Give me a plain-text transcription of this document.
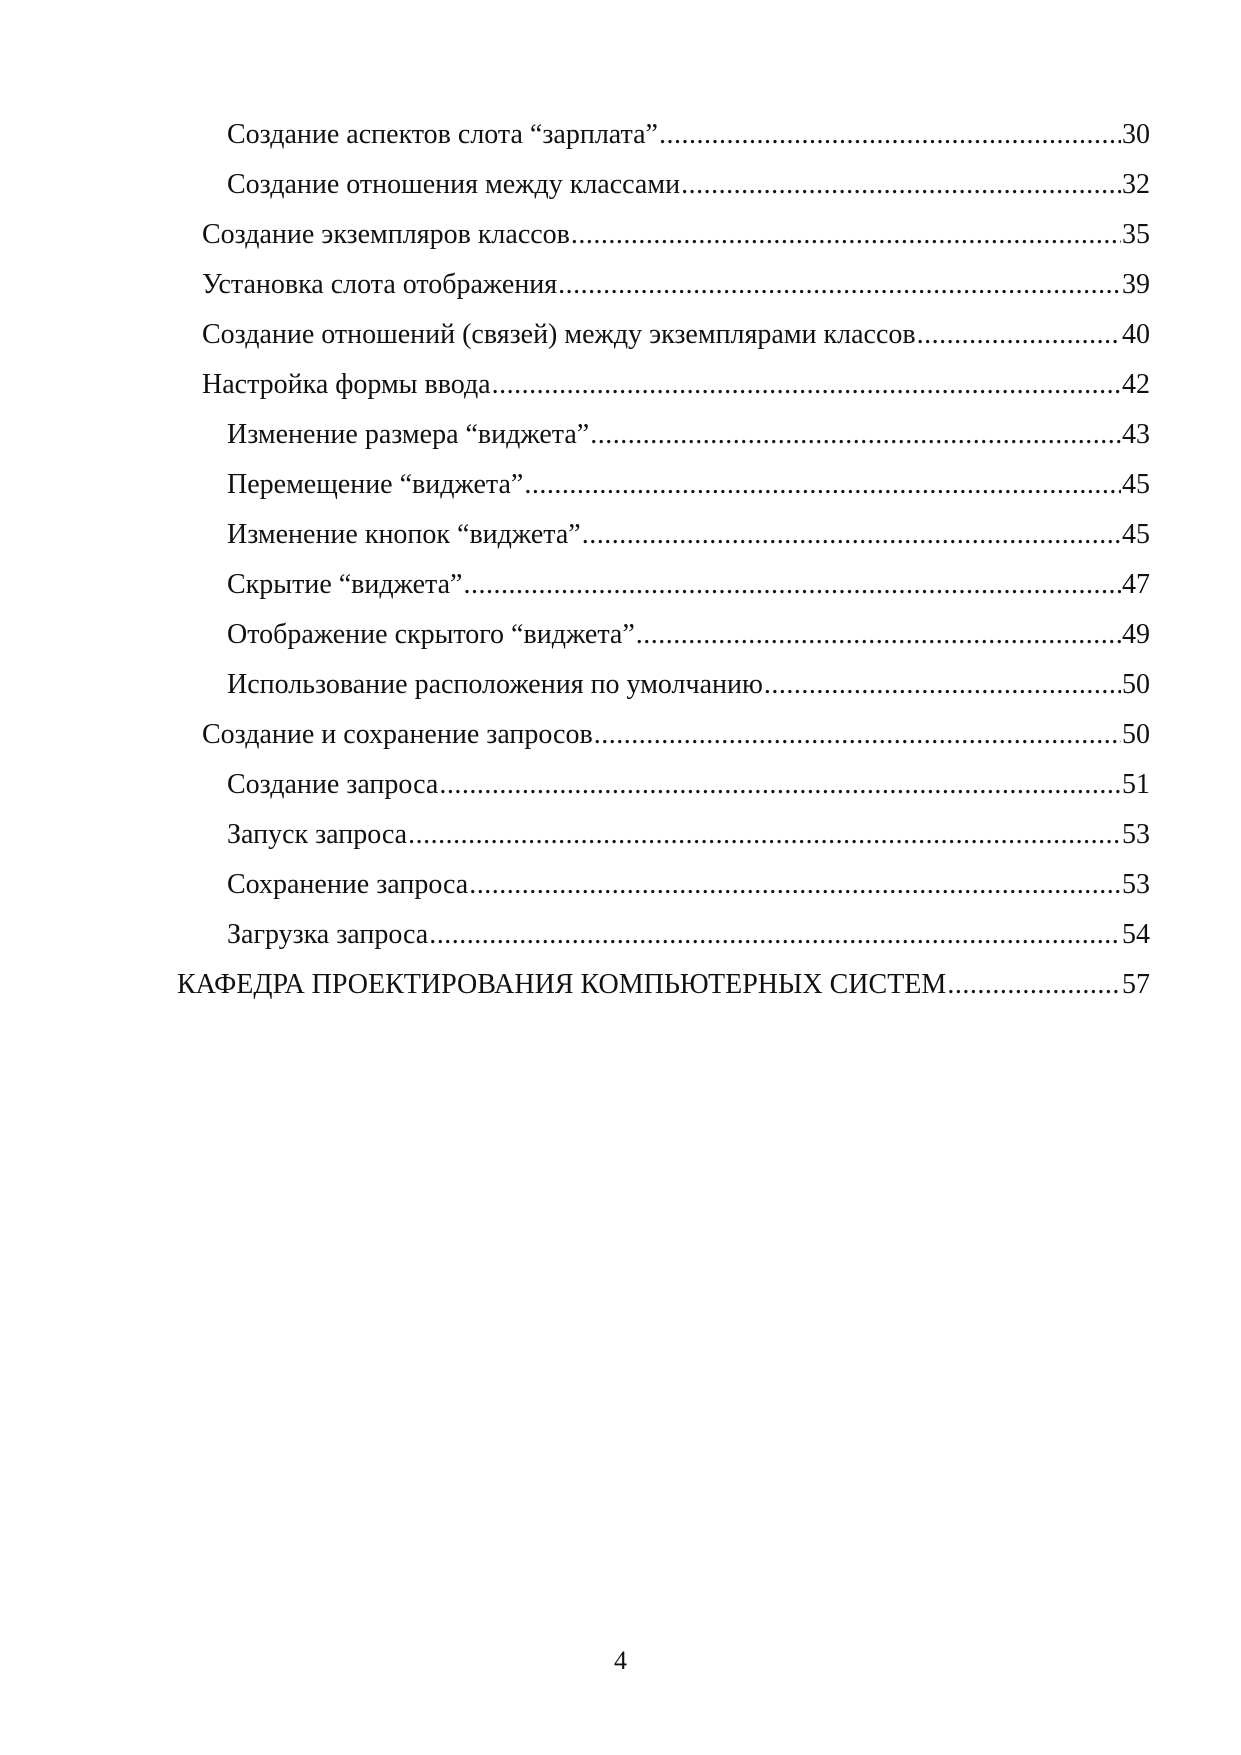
Создание аспектов слота “зарплата” .....	30
Создание отношения между классами .....	32
Создание экземпляров классов .....	35
Установка слота отображения .....	39
Создание отношений (связей) между экземплярами классов .....	40
Настройка формы ввода .....	42
Изменение размера “виджета” .....	43
Перемещение “виджета” .....	45
Изменение кнопок “виджета” .....	45
Скрытие “виджета” .....	47
Отображение скрытого “виджета” .....	49
Использование расположения по умолчанию .....	50
Создание и сохранение запросов .....	50
Создание запроса .....	51
Запуск запроса .....	53
Сохранение запроса .....	53
Загрузка запроса .....	54
КАФЕДРА ПРОЕКТИРОВАНИЯ КОМПЬЮТЕРНЫХ СИСТЕМ .....	57
4
